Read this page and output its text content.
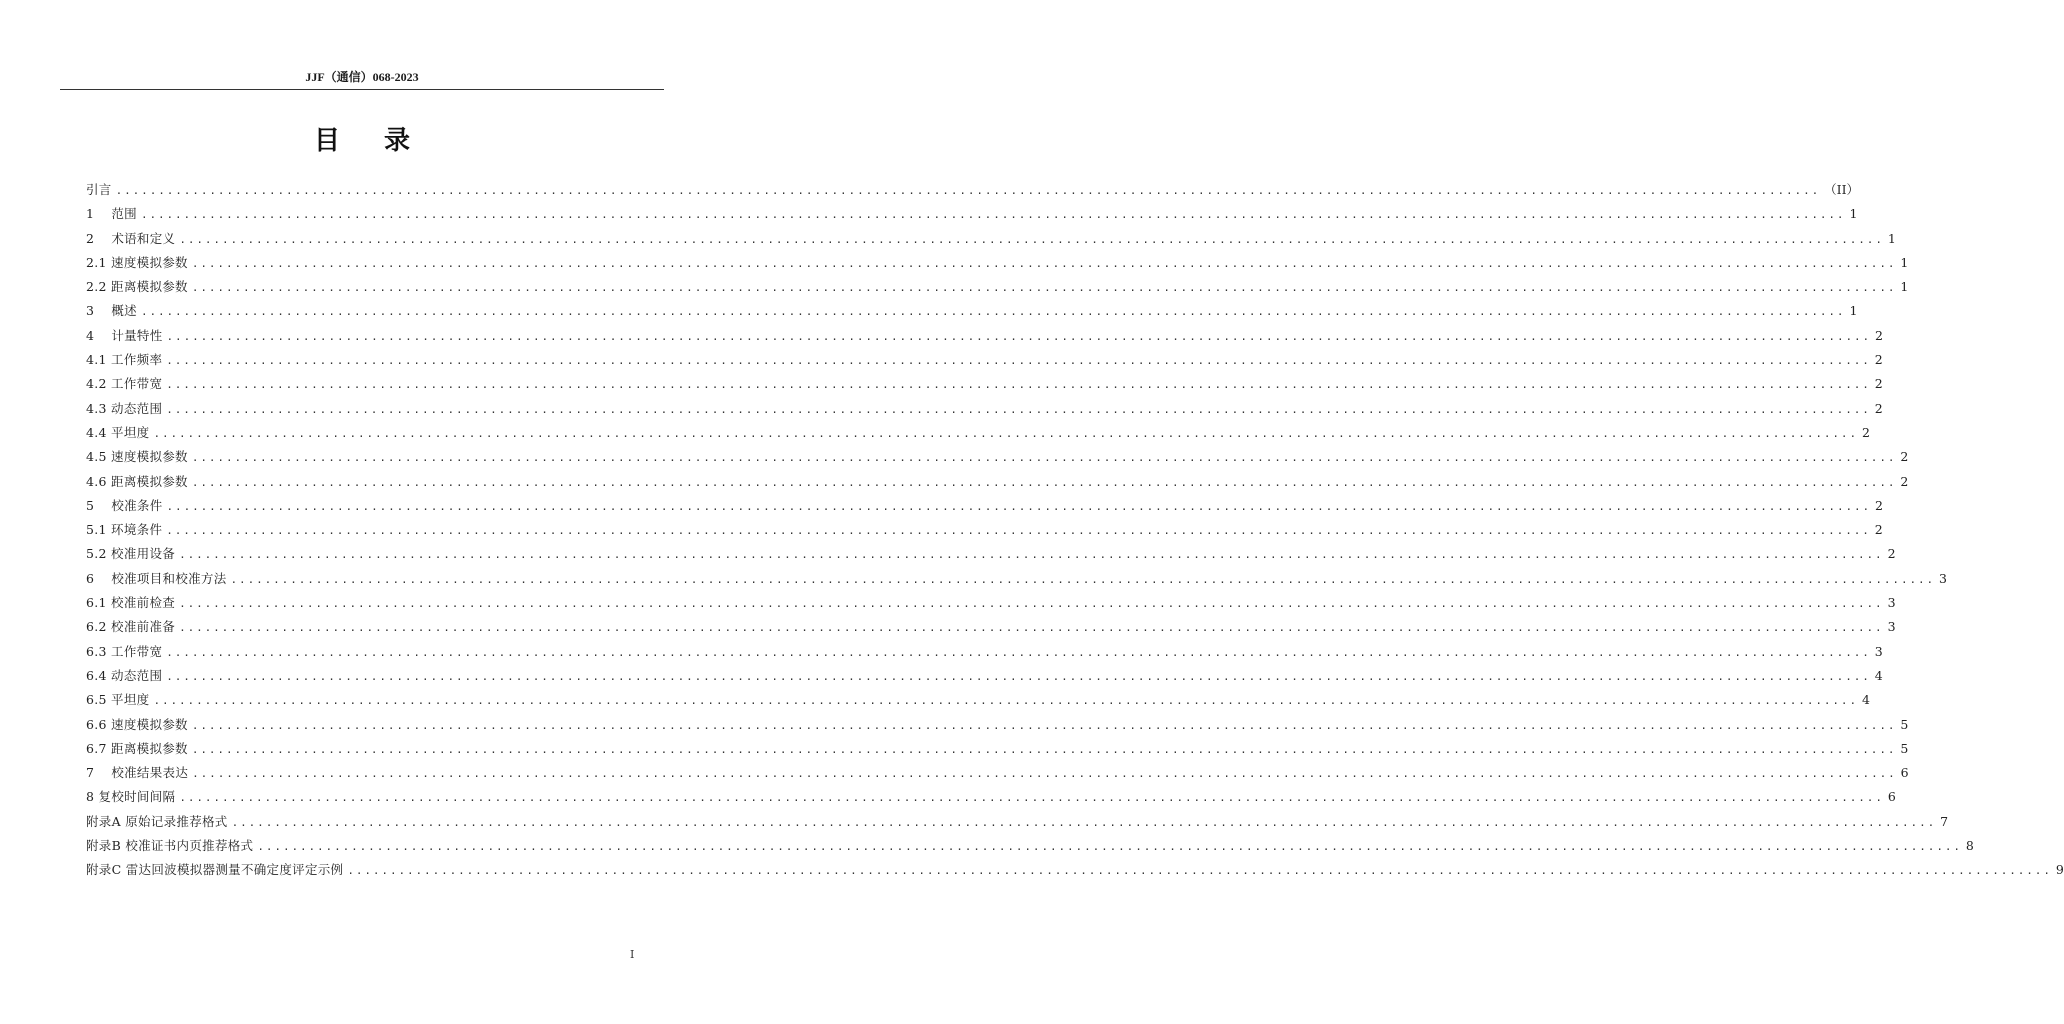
JJF（通信）068-2023
目 录
引言 ........................................................................................................................................................................................................ （II）
1　 范围 ........................................................................................................................................................................................................ 1
2　 术语和定义 ........................................................................................................................................................................................................ 1
2.1 速度模拟参数 ........................................................................................................................................................................................................ 1
2.2 距离模拟参数 ........................................................................................................................................................................................................ 1
3　 概述 ........................................................................................................................................................................................................ 1
4　 计量特性 ........................................................................................................................................................................................................ 2
4.1 工作频率 ........................................................................................................................................................................................................ 2
4.2 工作带宽 ........................................................................................................................................................................................................ 2
4.3 动态范围 ........................................................................................................................................................................................................ 2
4.4 平坦度 ........................................................................................................................................................................................................ 2
4.5 速度模拟参数 ........................................................................................................................................................................................................ 2
4.6 距离模拟参数 ........................................................................................................................................................................................................ 2
5　 校准条件 ........................................................................................................................................................................................................ 2
5.1 环境条件 ........................................................................................................................................................................................................ 2
5.2 校准用设备 ........................................................................................................................................................................................................ 2
6　 校准项目和校准方法 ........................................................................................................................................................................................................ 3
6.1 校准前检查 ........................................................................................................................................................................................................ 3
6.2 校准前准备 ........................................................................................................................................................................................................ 3
6.3 工作带宽 ........................................................................................................................................................................................................ 3
6.4 动态范围 ........................................................................................................................................................................................................ 4
6.5 平坦度 ........................................................................................................................................................................................................ 4
6.6 速度模拟参数 ........................................................................................................................................................................................................ 5
6.7 距离模拟参数 ........................................................................................................................................................................................................ 5
7　 校准结果表达 ........................................................................................................................................................................................................ 6
8 复校时间间隔 ........................................................................................................................................................................................................ 6
附录A 原始记录推荐格式 ........................................................................................................................................................................................................ 7
附录B 校准证书内页推荐格式 ........................................................................................................................................................................................................ 8
附录C 雷达回波模拟器测量不确定度评定示例 ........................................................................................................................................................................................................ 9
I
